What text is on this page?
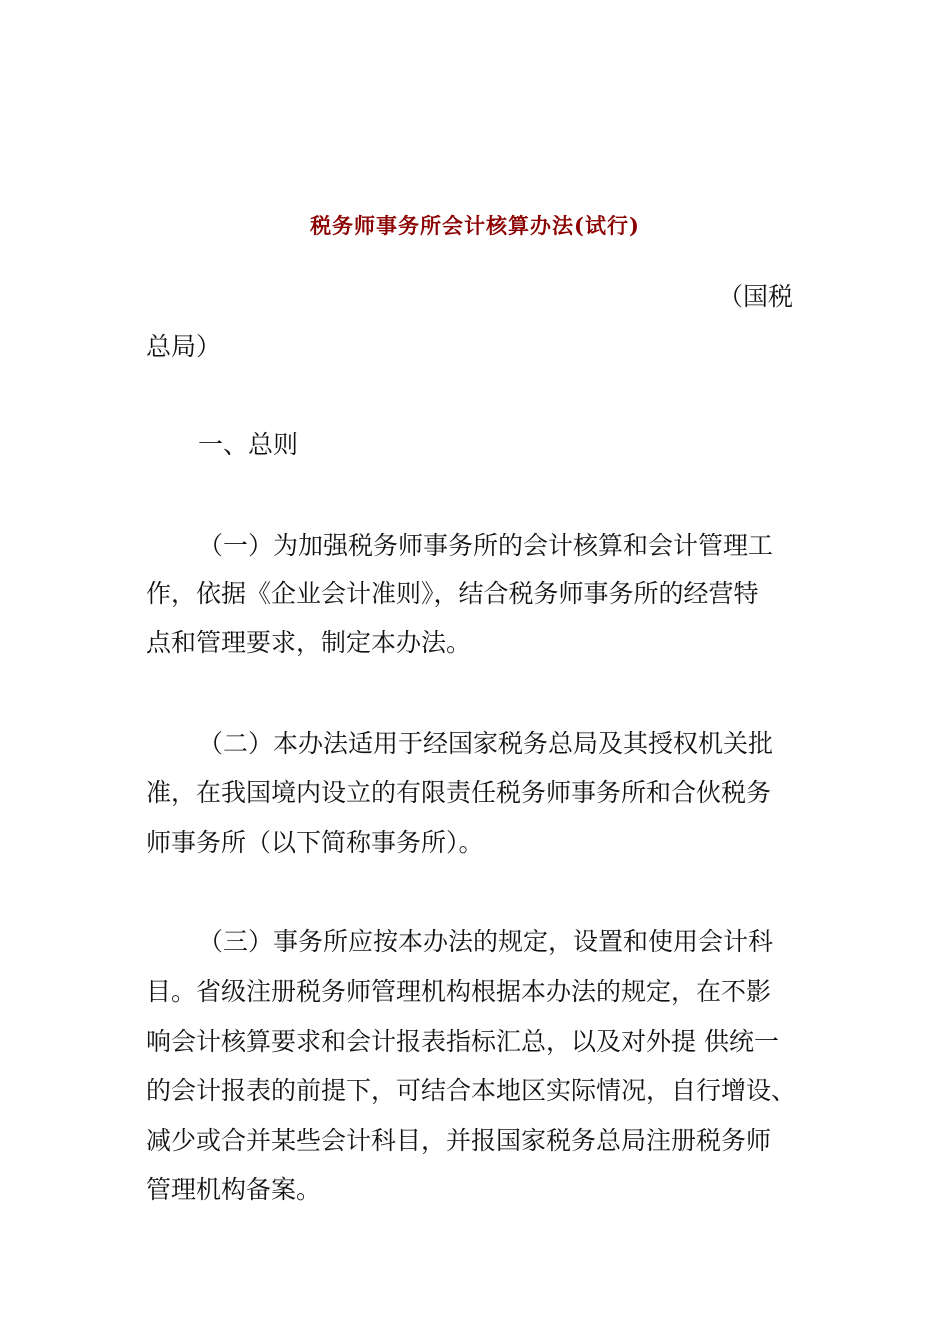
税务师事务所会计核算办法(试行)
（国税
总局）
一、总则
（一）为加强税务师事务所的会计核算和会计管理工
作，依据《企业会计准则》，结合税务师事务所的经营特
点和管理要求，制定本办法。
（二）本办法适用于经国家税务总局及其授权机关批
准，在我国境内设立的有限责任税务师事务所和合伙税务
师事务所（以下简称事务所）。
（三）事务所应按本办法的规定，设置和使用会计科
目。省级注册税务师管理机构根据本办法的规定，在不影
响会计核算要求和会计报表指标汇总，以及对外提 供统一
的会计报表的前提下，可结合本地区实际情况，自行增设、
减少或合并某些会计科目，并报国家税务总局注册税务师
管理机构备案。
